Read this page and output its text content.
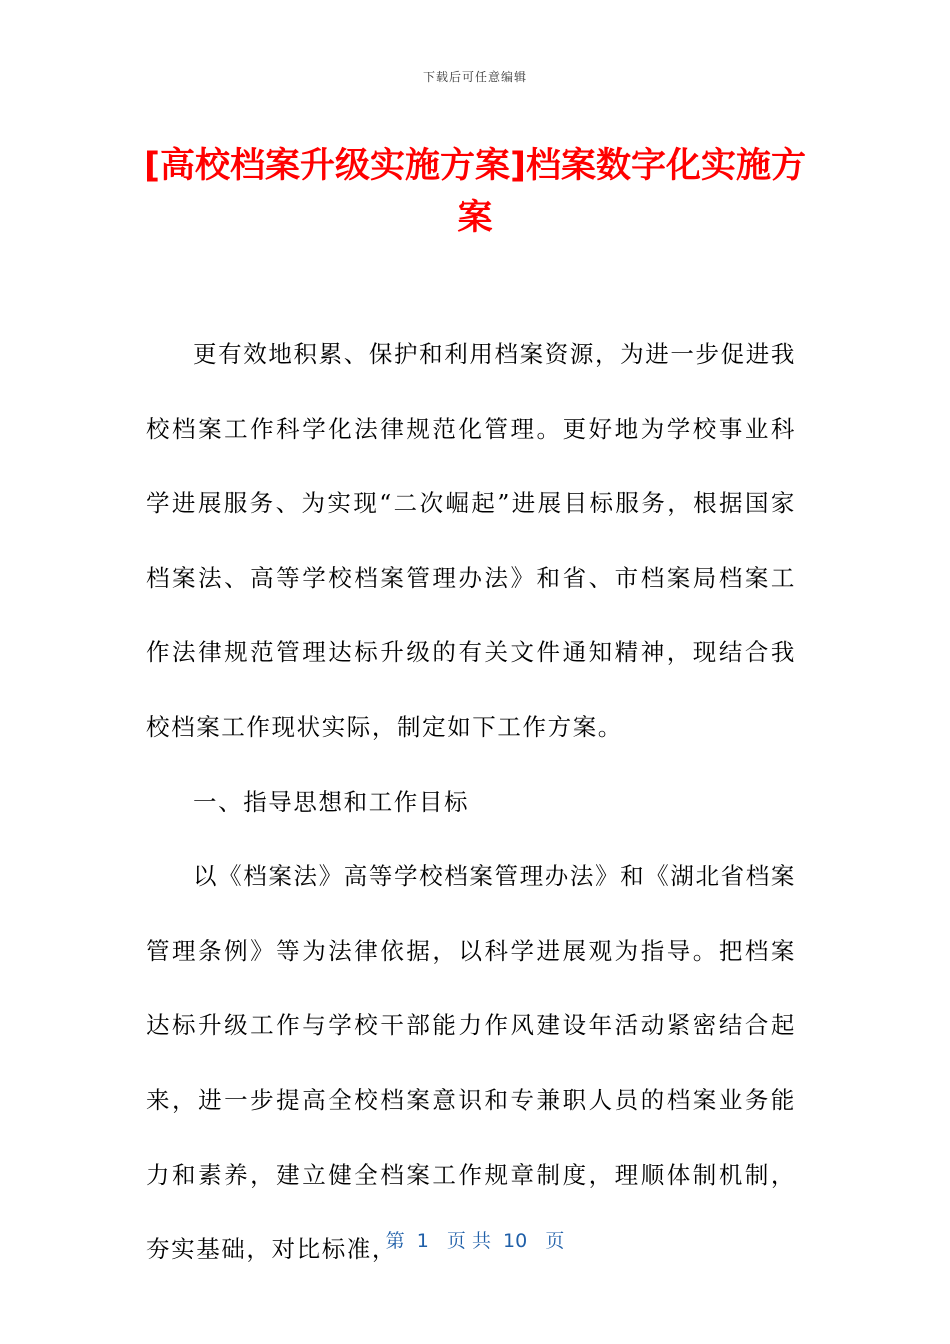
下载后可任意编辑
[高校档案升级实施方案]档案数字化实施方案

更有效地积累、保护和利用档案资源，为进一步促进我校档案工作科学化法律规范化管理。更好地为学校事业科学进展服务、为实现“二次崛起”进展目标服务，根据国家档案法、高等学校档案管理办法》和省、市档案局档案工作法律规范管理达标升级的有关文件通知精神，现结合我校档案工作现状实际，制定如下工作方案。

一、指导思想和工作目标

以《档案法》高等学校档案管理办法》和《湖北省档案管理条例》等为法律依据，以科学进展观为指导。把档案达标升级工作与学校干部能力作风建设年活动紧密结合起来，进一步提高全校档案意识和专兼职人员的档案业务能力和素养，建立健全档案工作规章制度，理顺体制机制，夯实基础，对比标准，

第  1   页 共  10   页
